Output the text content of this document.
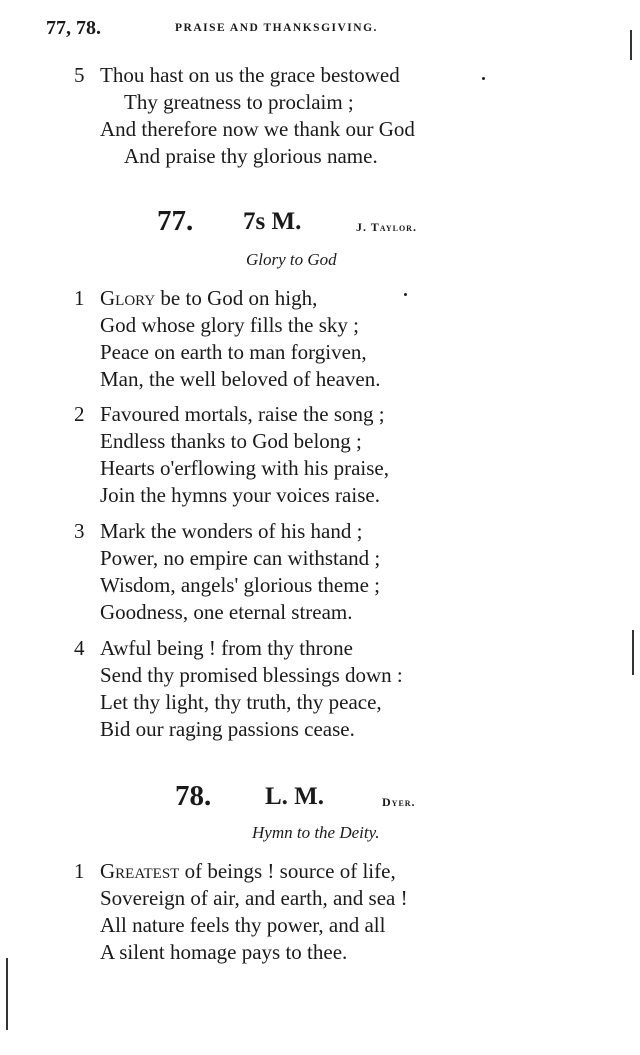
77, 78.	PRAISE AND THANKSGIVING.
5 Thou hast on us the grace bestowed
Thy greatness to proclaim ;
And therefore now we thank our God
And praise thy glorious name.
77. 7s M.	J. Taylor.
Glory to God
1 Glory be to God on high,
God whose glory fills the sky ;
Peace on earth to man forgiven,
Man, the well beloved of heaven.
2 Favoured mortals, raise the song ;
Endless thanks to God belong ;
Hearts o'erflowing with his praise,
Join the hymns your voices raise.
3 Mark the wonders of his hand ;
Power, no empire can withstand ;
Wisdom, angels' glorious theme ;
Goodness, one eternal stream.
4 Awful being ! from thy throne
Send thy promised blessings down :
Let thy light, thy truth, thy peace,
Bid our raging passions cease.
78. L. M.	Dyer.
Hymn to the Deity.
1 Greatest of beings ! source of life,
Sovereign of air, and earth, and sea !
All nature feels thy power, and all
A silent homage pays to thee.
